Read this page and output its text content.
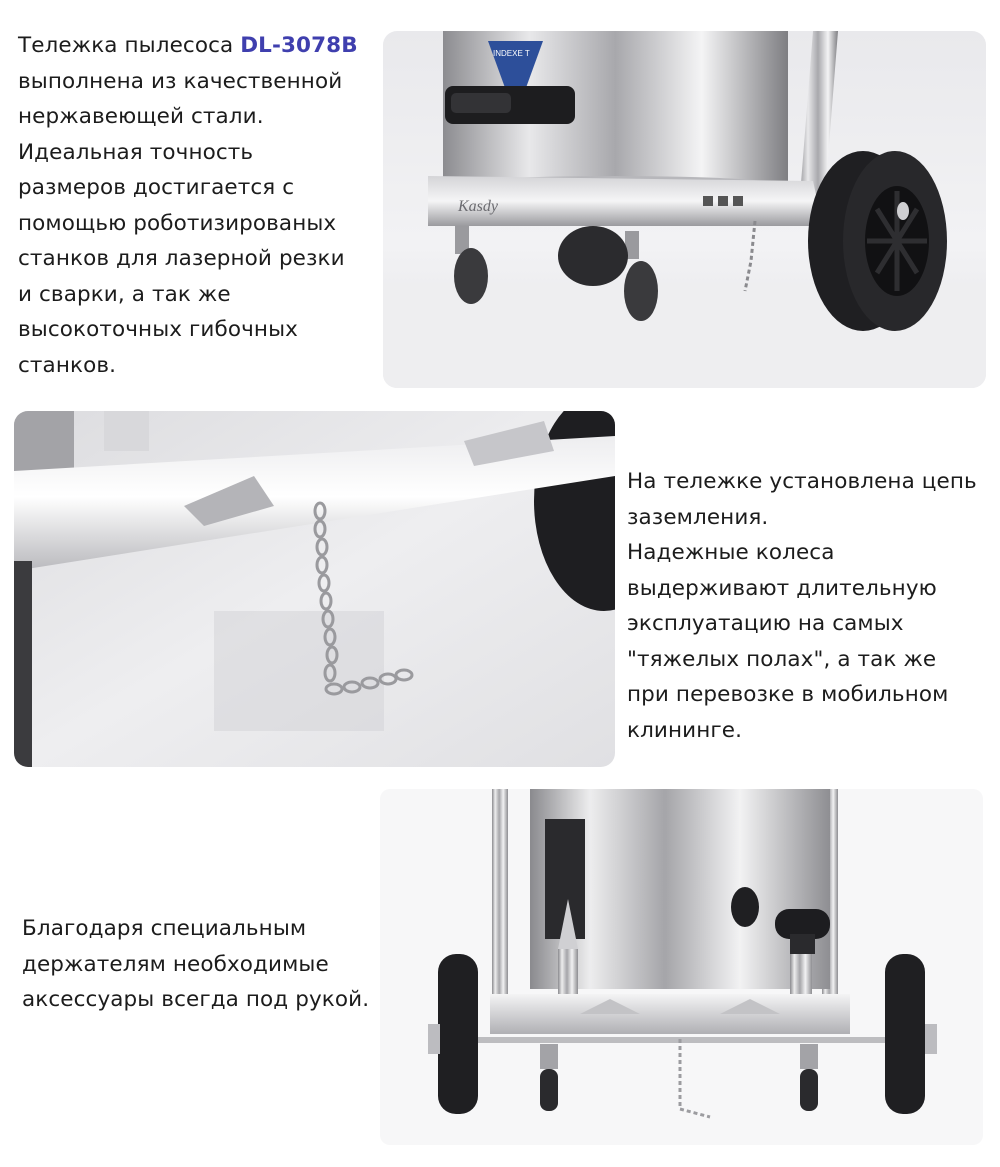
Тележка пылесоса DL-3078B
выполнена из качественной
нержавеющей стали.
Идеальная точность
размеров достигается с
помощью роботизированых
станков для лазерной резки
и сварки, а так же
высокоточных гибочных
станков.
INDEXE T
Kasdy
На тележке установлена цепь
заземления.
Надежные колеса
выдерживают длительную
эксплуатацию на самых
"тяжелых полах", а так же
при перевозке в мобильном
клининге.
Благодаря специальным
держателям необходимые
аксессуары всегда под рукой.
